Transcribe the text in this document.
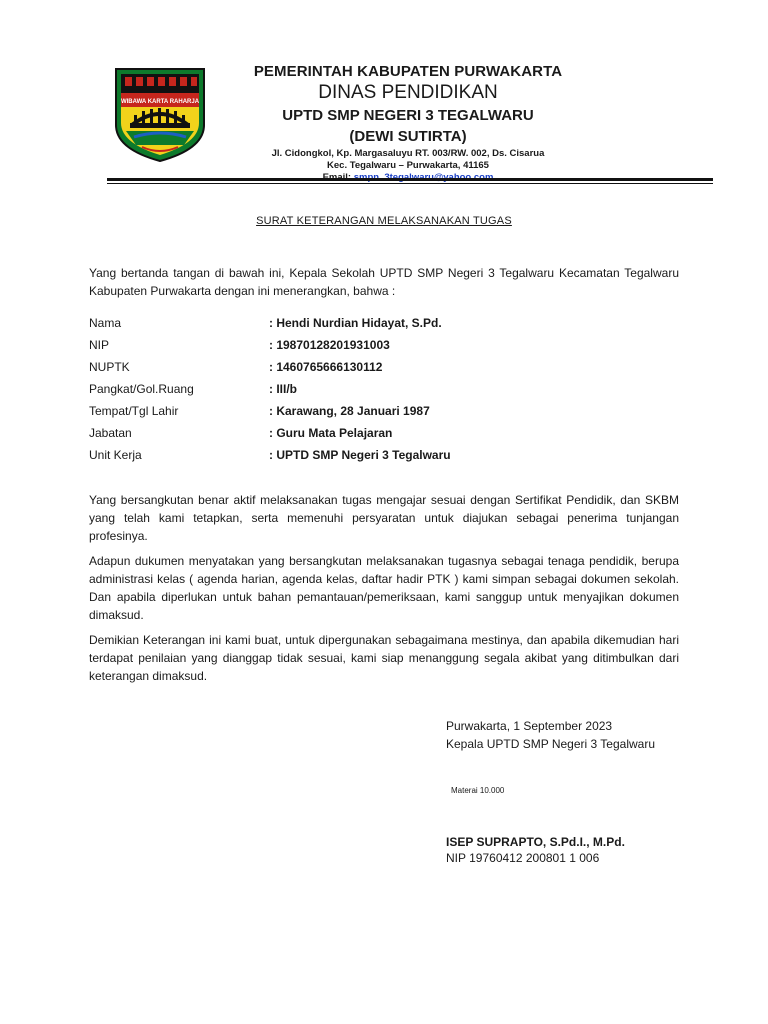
WIBAWA KARTA RAHARJA
PEMERINTAH KABUPATEN PURWAKARTA
DINAS PENDIDIKAN
UPTD SMP NEGERI 3 TEGALWARU
(DEWI SUTIRTA)
Jl. Cidongkol, Kp. Margasaluyu RT. 003/RW. 002, Ds. Cisarua
Kec. Tegalwaru – Purwakarta, 41165
SURAT KETERANGAN MELAKSANAKAN TUGAS
Yang bertanda tangan di bawah ini, Kepala Sekolah UPTD SMP Negeri 3 Tegalwaru Kecamatan Tegalwaru Kabupaten Purwakarta dengan ini menerangkan, bahwa :
Nama	: Hendi Nurdian Hidayat, S.Pd.
NIP	: 19870128201931003
NUPTK	: 1460765666130112
Pangkat/Gol.Ruang	: III/b
Tempat/Tgl Lahir	: Karawang, 28 Januari 1987
Jabatan	: Guru Mata Pelajaran
Unit Kerja	: UPTD SMP Negeri 3 Tegalwaru
Yang bersangkutan benar aktif melaksanakan tugas mengajar sesuai dengan Sertifikat Pendidik, dan SKBM yang telah kami tetapkan, serta memenuhi persyaratan untuk diajukan sebagai penerima tunjangan profesinya.
Adapun dukumen menyatakan yang bersangkutan melaksanakan tugasnya sebagai tenaga pendidik, berupa administrasi kelas ( agenda harian, agenda kelas, daftar hadir PTK ) kami simpan sebagai dokumen sekolah. Dan apabila diperlukan untuk bahan pemantauan/pemeriksaan, kami sanggup untuk menyajikan dokumen dimaksud.
Demikian Keterangan ini kami buat, untuk dipergunakan sebagaimana mestinya, dan apabila dikemudian hari terdapat penilaian yang dianggap tidak sesuai, kami siap menanggung segala akibat yang ditimbulkan dari keterangan dimaksud.
Purwakarta, 1 September 2023
Kepala UPTD SMP Negeri 3 Tegalwaru
Materai 10.000
ISEP SUPRAPTO, S.Pd.I., M.Pd.
NIP 19760412 200801 1 006
